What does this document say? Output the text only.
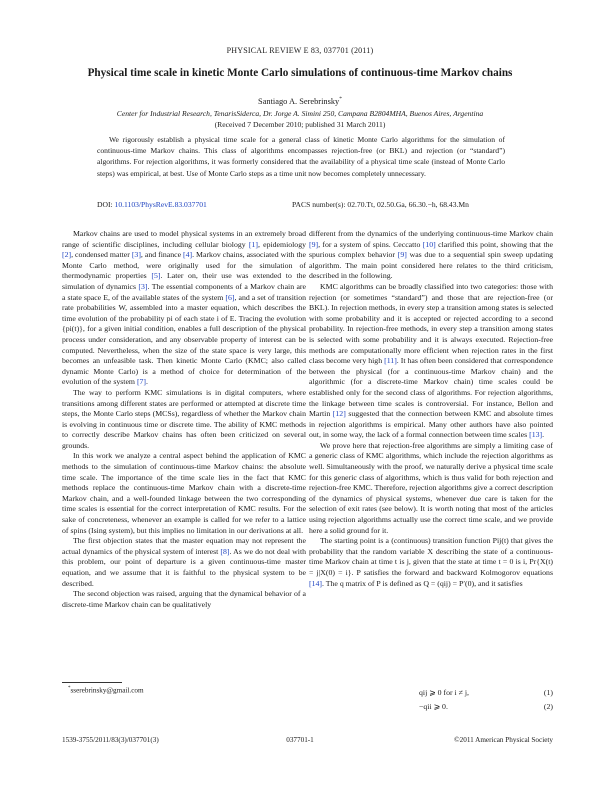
PHYSICAL REVIEW E 83, 037701 (2011)
Physical time scale in kinetic Monte Carlo simulations of continuous-time Markov chains
Santiago A. Serebrinsky*
Center for Industrial Research, TenarisSiderca, Dr. Jorge A. Simini 250, Campana B2804MHA, Buenos Aires, Argentina
(Received 7 December 2010; published 31 March 2011)

We rigorously establish a physical time scale for a general class of kinetic Monte Carlo algorithms for the simulation of continuous-time Markov chains. This class of algorithms encompasses rejection-free (or BKL) and rejection (or “standard”) algorithms. For rejection algorithms, it was formerly considered that the availability of a physical time scale (instead of Monte Carlo steps) was empirical, at best. Use of Monte Carlo steps as a time unit now becomes completely unnecessary.

DOI: 10.1103/PhysRevE.83.037701	PACS number(s): 02.70.Tt, 02.50.Ga, 66.30.−h, 68.43.Mn

Markov chains are used to model physical systems in an extremely broad range of scientific disciplines, including cellular biology [1], epidemiology [2], condensed matter [3], and finance [4]. Markov chains, associated with the Monte Carlo method, were originally used for the simulation of thermodynamic properties [5]. Later on, their use was extended to the simulation of dynamics [3]. The essential components of a Markov chain are a state space E, of the available states of the system [6], and a set of transition rate probabilities W, assembled into a master equation, which describes the time evolution of the probability pi of each state i of E. Tracing the evolution {pi(t)}, for a given initial condition, enables a full description of the physical process under consideration, and any observable property of interest can be computed. Nevertheless, when the size of the state space is very large, this becomes an unfeasible task. Then kinetic Monte Carlo (KMC; also called dynamic Monte Carlo) is a method of choice for determination of the evolution of the system [7].

The way to perform KMC simulations is in digital computers, where transitions among different states are performed or attempted at discrete time steps, the Monte Carlo steps (MCSs), regardless of whether the Markov chain is evolving in continuous time or discrete time. The ability of KMC methods to correctly describe Markov chains has often been criticized on several grounds.

In this work we analyze a central aspect behind the application of KMC methods to the simulation of continuous-time Markov chains: the absolute time scale. The importance of the time scale lies in the fact that KMC methods replace the continuous-time Markov chain with a discrete-time Markov chain, and a well-founded linkage between the two corresponding time scales is essential for the correct interpretation of KMC results. For the sake of concreteness, whenever an example is called for we refer to a lattice of spins (Ising system), but this implies no limitation in our derivations at all.

The first objection states that the master equation may not represent the actual dynamics of the physical system of interest [8]. As we do not deal with this problem, our point of departure is a given continuous-time master equation, and we assume that it is faithful to the physical system to be described.

The second objection was raised, arguing that the dynamical behavior of a discrete-time Markov chain can be qualitatively

different from the dynamics of the underlying continuous-time Markov chain [9], for a system of spins. Ceccatto [10] clarified this point, showing that the spurious complex behavior [9] was due to a sequential spin sweep updating algorithm. The main point considered here relates to the third criticism, described in the following.

KMC algorithms can be broadly classified into two categories: those with rejection (or sometimes “standard”) and those that are rejection-free (or BKL). In rejection methods, in every step a transition among states is selected with some probability and it is accepted or rejected according to a second probability. In rejection-free methods, in every step a transition among states is selected with some probability and it is always executed. Rejection-free methods are computationally more efficient when rejection rates in the first class become very high [11]. It has often been considered that correspondence between the physical (for a continuous-time Markov chain) and the algorithmic (for a discrete-time Markov chain) time scales could be established only for the second class of algorithms. For rejection algorithms, the linkage between time scales is controversial. For instance, Bellon and Martin [12] suggested that the connection between KMC and absolute times in rejection algorithms is empirical. Many other authors have also pointed out, in some way, the lack of a formal connection between time scales [13].

We prove here that rejection-free algorithms are simply a limiting case of a generic class of KMC algorithms, which include the rejection algorithms as well. Simultaneously with the proof, we naturally derive a physical time scale for this generic class of algorithms, which is thus valid for both rejection and rejection-free KMC. Therefore, rejection algorithms give a correct description of the dynamics of physical systems, whenever due care is taken for the selection of exit rates (see below). It is worth noting that most of the articles using rejection algorithms actually use the correct time scale, and we provide here a solid ground for it.

The starting point is a (continuous) transition function Pij(t) that gives the probability that the random variable X describing the state of a continuous-time Markov chain at time t is j, given that the state at time t = 0 is i, Pr{X(t) = j|X(0) = i}. P satisfies the forward and backward Kolmogorov equations [14]. The q matrix of P is defined as Q = (qij) = P′(0), and it satisfies

qij ⩾ 0 for i ≠ j,	(1)
−qii ⩾ 0.	(2)
*sserebrinsky@gmail.com
1539-3755/2011/83(3)/037701(3)	037701-1	©2011 American Physical Society
